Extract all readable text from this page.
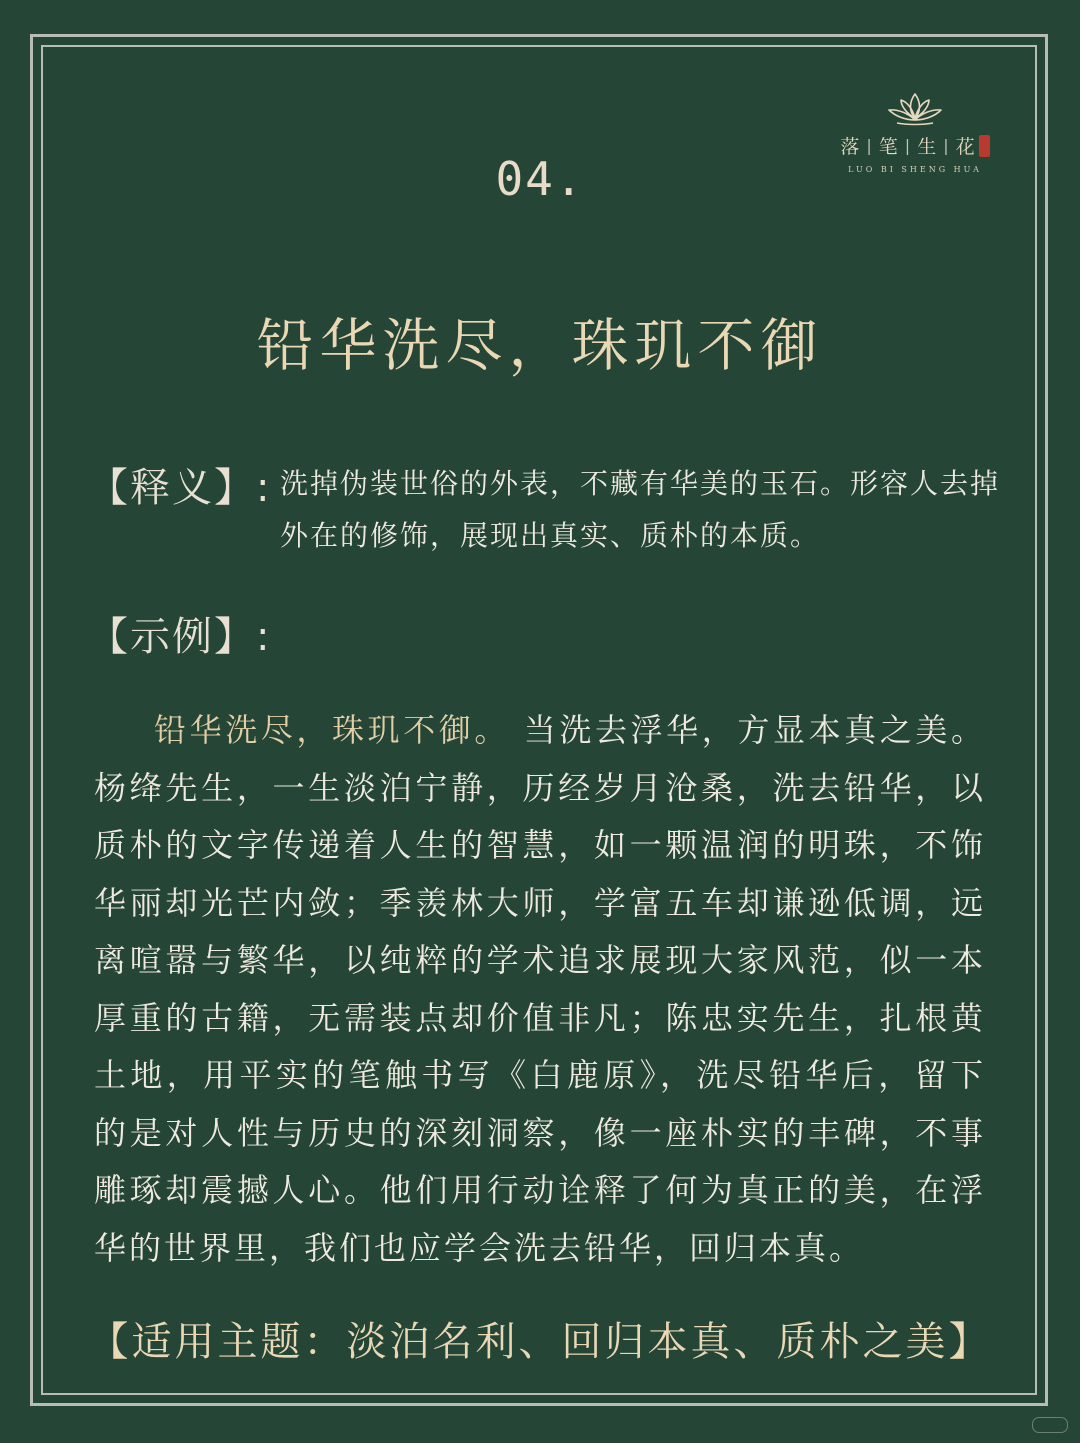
落 | 笔 | 生 | 花
LUO BI SHENG HUA
04.
铅华洗尽，珠玑不御
【释义】: 洗掉伪装世俗的外表，不藏有华美的玉石。形容人去掉外在的修饰，展现出真实、质朴的本质。
【示例】:
铅华洗尽，珠玑不御。 当洗去浮华，方显本真之美。杨绛先生，一生淡泊宁静，历经岁月沧桑，洗去铅华，以质朴的文字传递着人生的智慧，如一颗温润的明珠，不饰华丽却光芒内敛；季羡林大师，学富五车却谦逊低调，远离喧嚣与繁华，以纯粹的学术追求展现大家风范，似一本厚重的古籍，无需装点却价值非凡；陈忠实先生，扎根黄土地，用平实的笔触书写《白鹿原》，洗尽铅华后，留下的是对人性与历史的深刻洞察，像一座朴实的丰碑，不事雕琢却震撼人心。他们用行动诠释了何为真正的美，在浮华的世界里，我们也应学会洗去铅华，回归本真。
【适用主题：淡泊名利、回归本真、质朴之美】
